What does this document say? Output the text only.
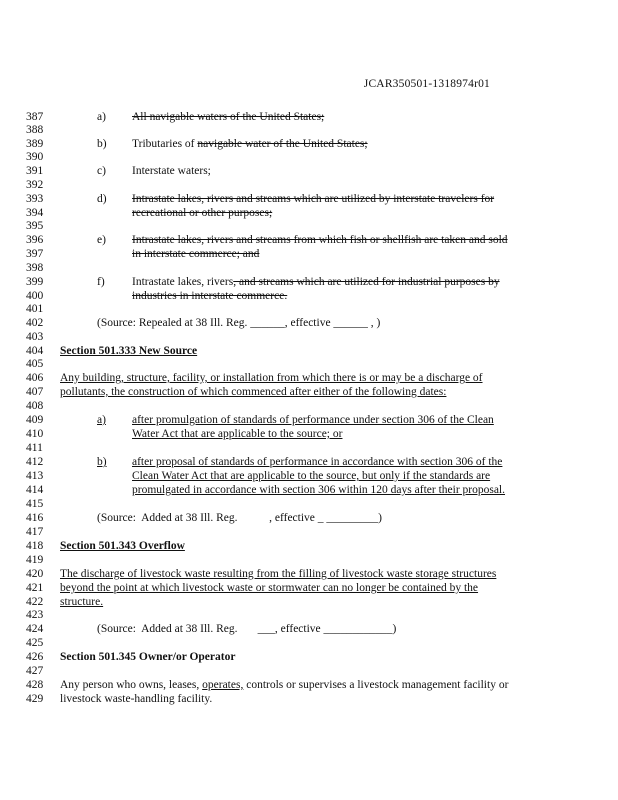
JCAR350501-1318974r01
387
388
389
390
391
392
393
394
395
396
397
398
399
400
401
402
403
404
405
406
407
408
409
410
411
412
413
414
415
416
417
418
419
420
421
422
423
424
425
426
427
428
429
a) All navigable waters of the United States;
b) Tributaries of navigable water of the United States;
c) Interstate waters;
d) Intrastate lakes, rivers and streams which are utilized by interstate travelers for
recreational or other purposes;
e) Intrastate lakes, rivers and streams from which fish or shellfish are taken and sold
in interstate commerce; and
f) Intrastate lakes, rivers, and streams which are utilized for industrial purposes by
industries in interstate commerce.
(Source: Repealed at 38 Ill. Reg. ______, effective ______ , )
Section 501.333 New Source
Any building, structure, facility, or installation from which there is or may be a discharge of
pollutants, the construction of which commenced after either of the following dates:
a) after promulgation of standards of performance under section 306 of the Clean
Water Act that are applicable to the source; or
b) after proposal of standards of performance in accordance with section 306 of the
Clean Water Act that are applicable to the source, but only if the standards are
promulgated in accordance with section 306 within 120 days after their proposal.
(Source:  Added at 38 Ill. Reg.           , effective _ _________)
Section 501.343 Overflow
The discharge of livestock waste resulting from the filling of livestock waste storage structures
beyond the point at which livestock waste or stormwater can no longer be contained by the
structure.
(Source:  Added at 38 Ill. Reg.       ___, effective ____________)
Section 501.345 Owner/or Operator
Any person who owns, leases, operates, controls or supervises a livestock management facility or
livestock waste-handling facility.
